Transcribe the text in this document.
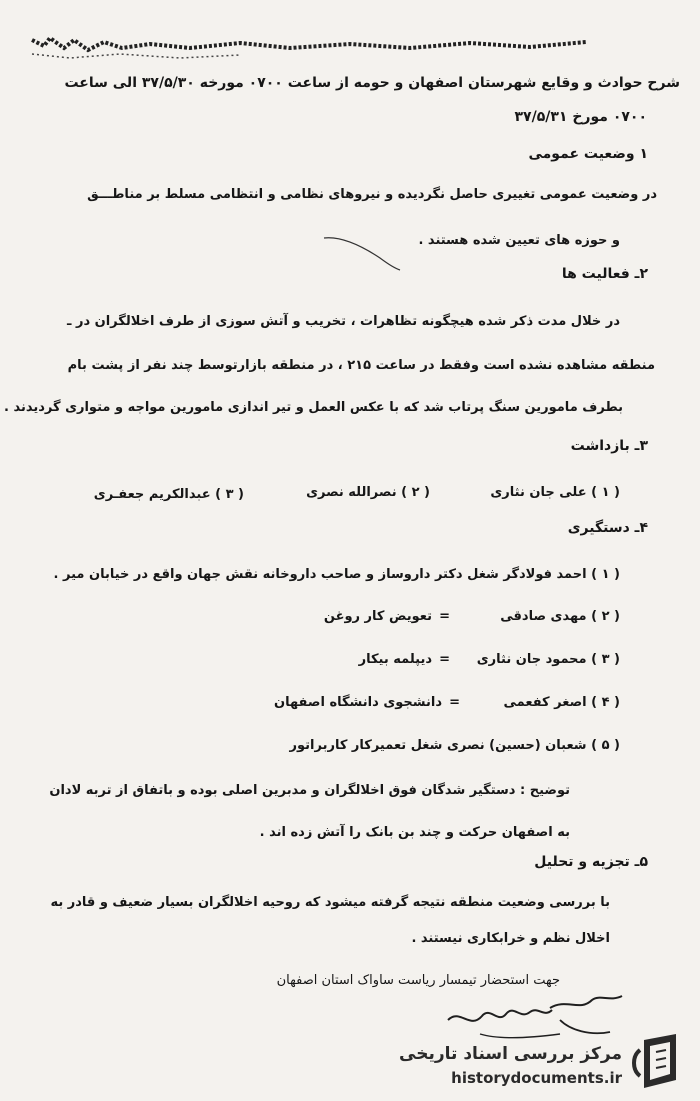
شرح حوادث و وقایع شهرستان اصفهان و حومه از ساعت ۰۷۰۰ مورخه ۳۷/۵/۳۰ الی ساعت
۰۷۰۰ مورخ ۳۷/۵/۳۱
۱ وضعیت عمومی
در وضعیت عمومی تغییری حاصل نگردیده و نیروهای نظامی و انتظامی مسلط بر مناطـــق
و حوزه های تعیین شده هستند .
۲ـ فعالیت ها
در خلال مدت ذکر شده هیچگونه تظاهرات ، تخریب و آتش سوزی از طرف اخلالگران در ـ
منطقه مشاهده نشده است وفقط در ساعت ۲۱۵ ، در منطقه بازارتوسط چند نفر از پشت بام
بطرف مامورین سنگ پرتاب شد که با عکس العمل و تیر اندازی مامورین مواجه و متواری گردیدند .
۳ـ بازداشت
( ۱ ) علی جان نثاری
( ۲ ) نصرالله نصری
( ۳ ) عبدالکریم جعفـری
۴ـ دستگیری
( ۱ ) احمد فولادگر شغل دکتر داروساز و صاحب داروخانه نقش جهان واقع در خیابان میر .
( ۲ ) مهدی صادقی
=
تعویض کار روغن
( ۳ ) محمود جان نثاری
=
دیپلمه بیکار
( ۴ ) اصغر کفعمی
=
دانشجوی دانشگاه اصفهان
( ۵ ) شعبان (حسین) نصری شغل تعمیرکار کاربراتور
توضیح : دستگیر شدگان فوق اخلالگران و مدبرین اصلی بوده و باتفاق از تربه لادان
به اصفهان حرکت و چند بن بانک را آتش زده اند .
۵ـ تجزیه و تحلیل
با بررسی وضعیت منطقه نتیجه گرفته میشود که روحیه اخلالگران بسیار ضعیف و قادر به
اخلال نظم و خرابکاری نیستند .
جهت استحضار تیمسار ریاست ساواک استان اصفهان
مرکز بررسی اسناد تاریخی
historydocuments.ir
